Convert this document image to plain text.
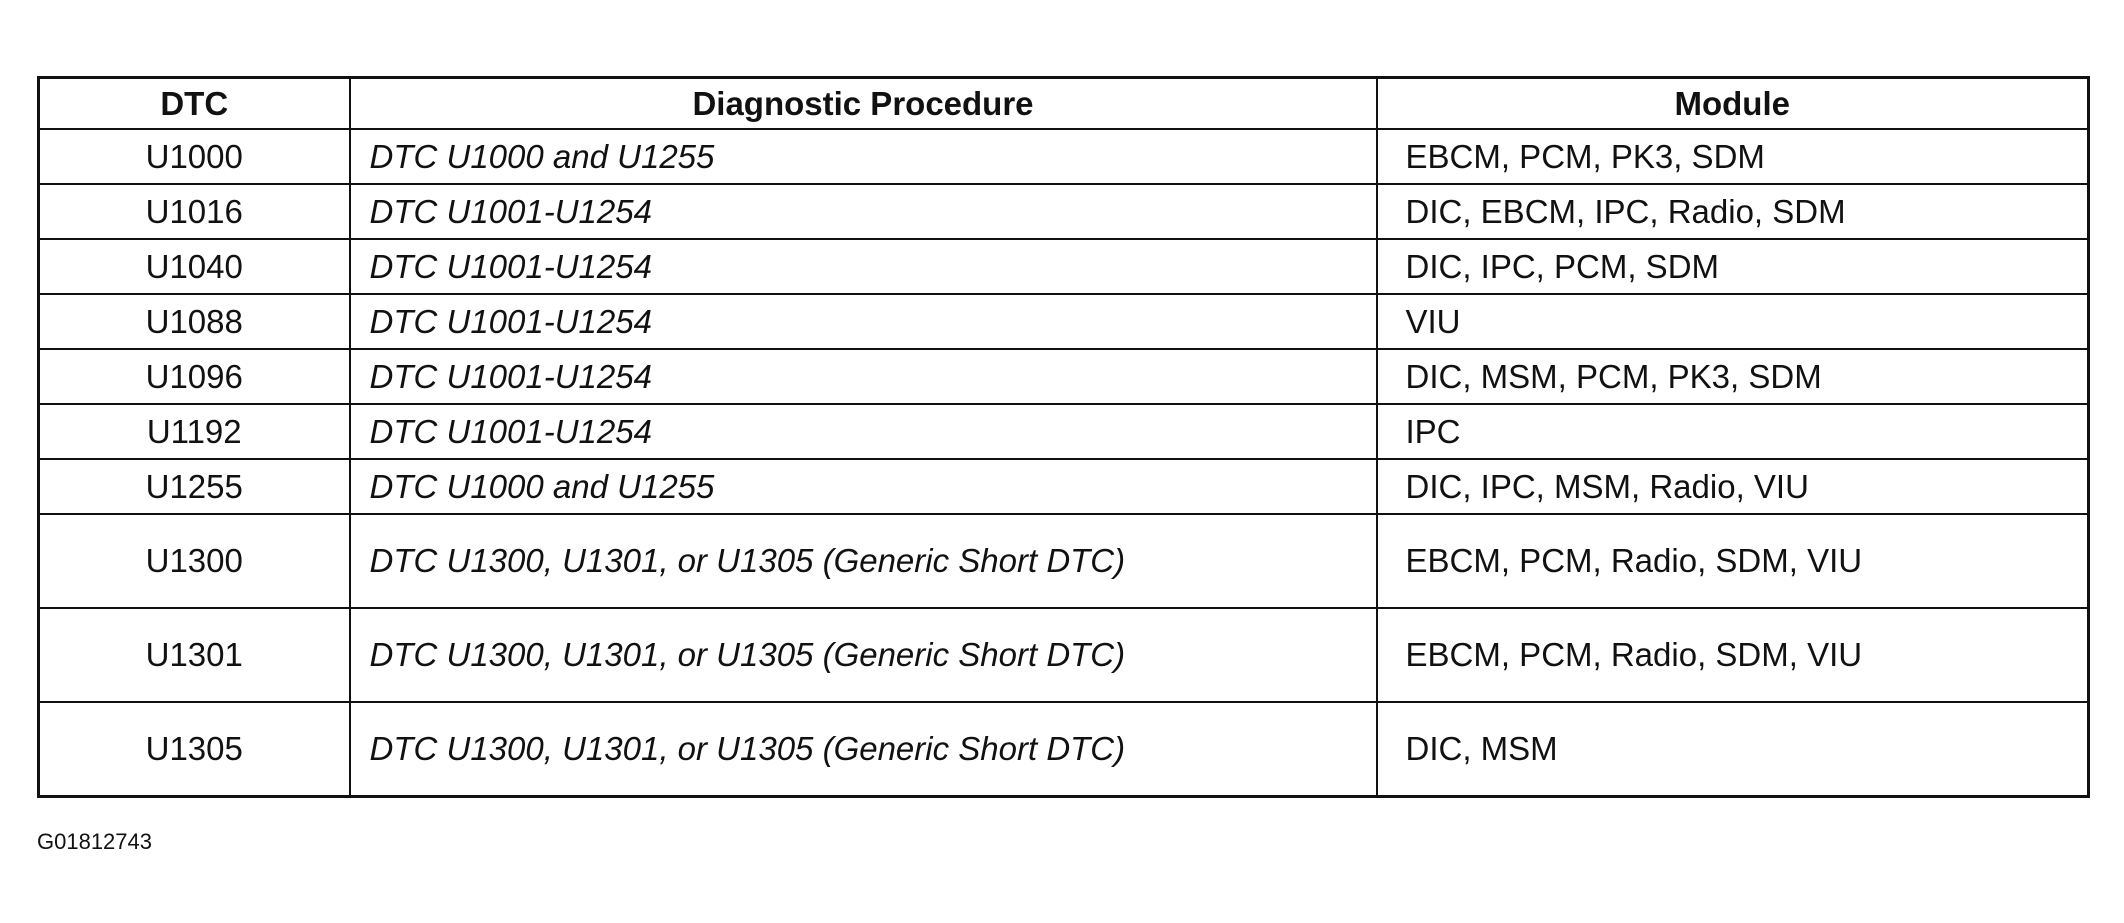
DTC	Diagnostic Procedure	Module
U1000	DTC U1000 and U1255	EBCM, PCM, PK3, SDM
U1016	DTC U1001-U1254	DIC, EBCM, IPC, Radio, SDM
U1040	DTC U1001-U1254	DIC, IPC, PCM, SDM
U1088	DTC U1001-U1254	VIU
U1096	DTC U1001-U1254	DIC, MSM, PCM, PK3, SDM
U1192	DTC U1001-U1254	IPC
U1255	DTC U1000 and U1255	DIC, IPC, MSM, Radio, VIU
U1300	DTC U1300, U1301, or U1305 (Generic Short DTC)	EBCM, PCM, Radio, SDM, VIU
U1301	DTC U1300, U1301, or U1305 (Generic Short DTC)	EBCM, PCM, Radio, SDM, VIU
U1305	DTC U1300, U1301, or U1305 (Generic Short DTC)	DIC, MSM
G01812743
